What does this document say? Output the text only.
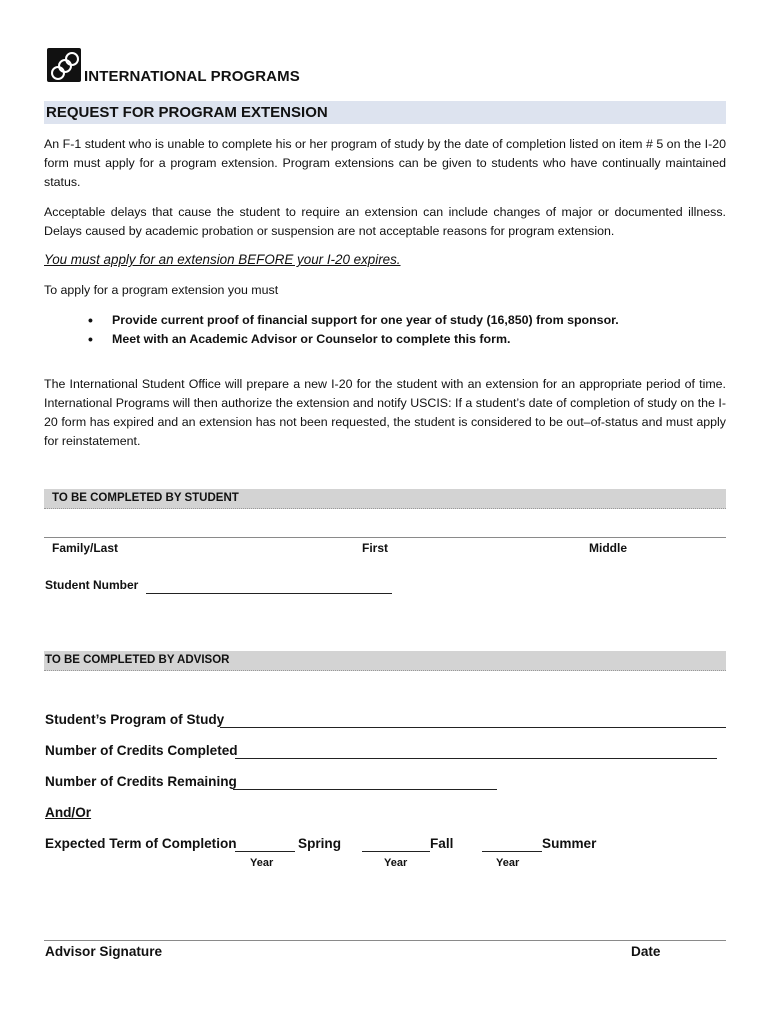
INTERNATIONAL PROGRAMS
REQUEST FOR PROGRAM EXTENSION

An F-1 student who is unable to complete his or her program of study by the date of completion listed on item # 5 on the I-20 form must apply for a program extension. Program extensions can be given to students who have continually maintained status.

Acceptable delays that cause the student to require an extension can include changes of major or documented illness. Delays caused by academic probation or suspension are not acceptable reasons for program extension.

You must apply for an extension BEFORE your I-20 expires.
To apply for a program extension you must
• Provide current proof of financial support for one year of study (16,850) from sponsor.
• Meet with an Academic Advisor or Counselor to complete this form.

The International Student Office will prepare a new I-20 for the student with an extension for an appropriate period of time. International Programs will then authorize the extension and notify USCIS: If a student’s date of completion of study on the I-20 form has expired and an extension has not been requested, the student is considered to be out–of-status and must apply for reinstatement.

TO BE COMPLETED BY STUDENT
Family/Last	First	Middle
Student Number
TO BE COMPLETED BY ADVISOR
Student’s Program of Study
Number of Credits Completed
Number of Credits Remaining
And/Or
Expected Term of Completion	Spring	Fall	Summer
Year	Year	Year
Advisor Signature	Date
